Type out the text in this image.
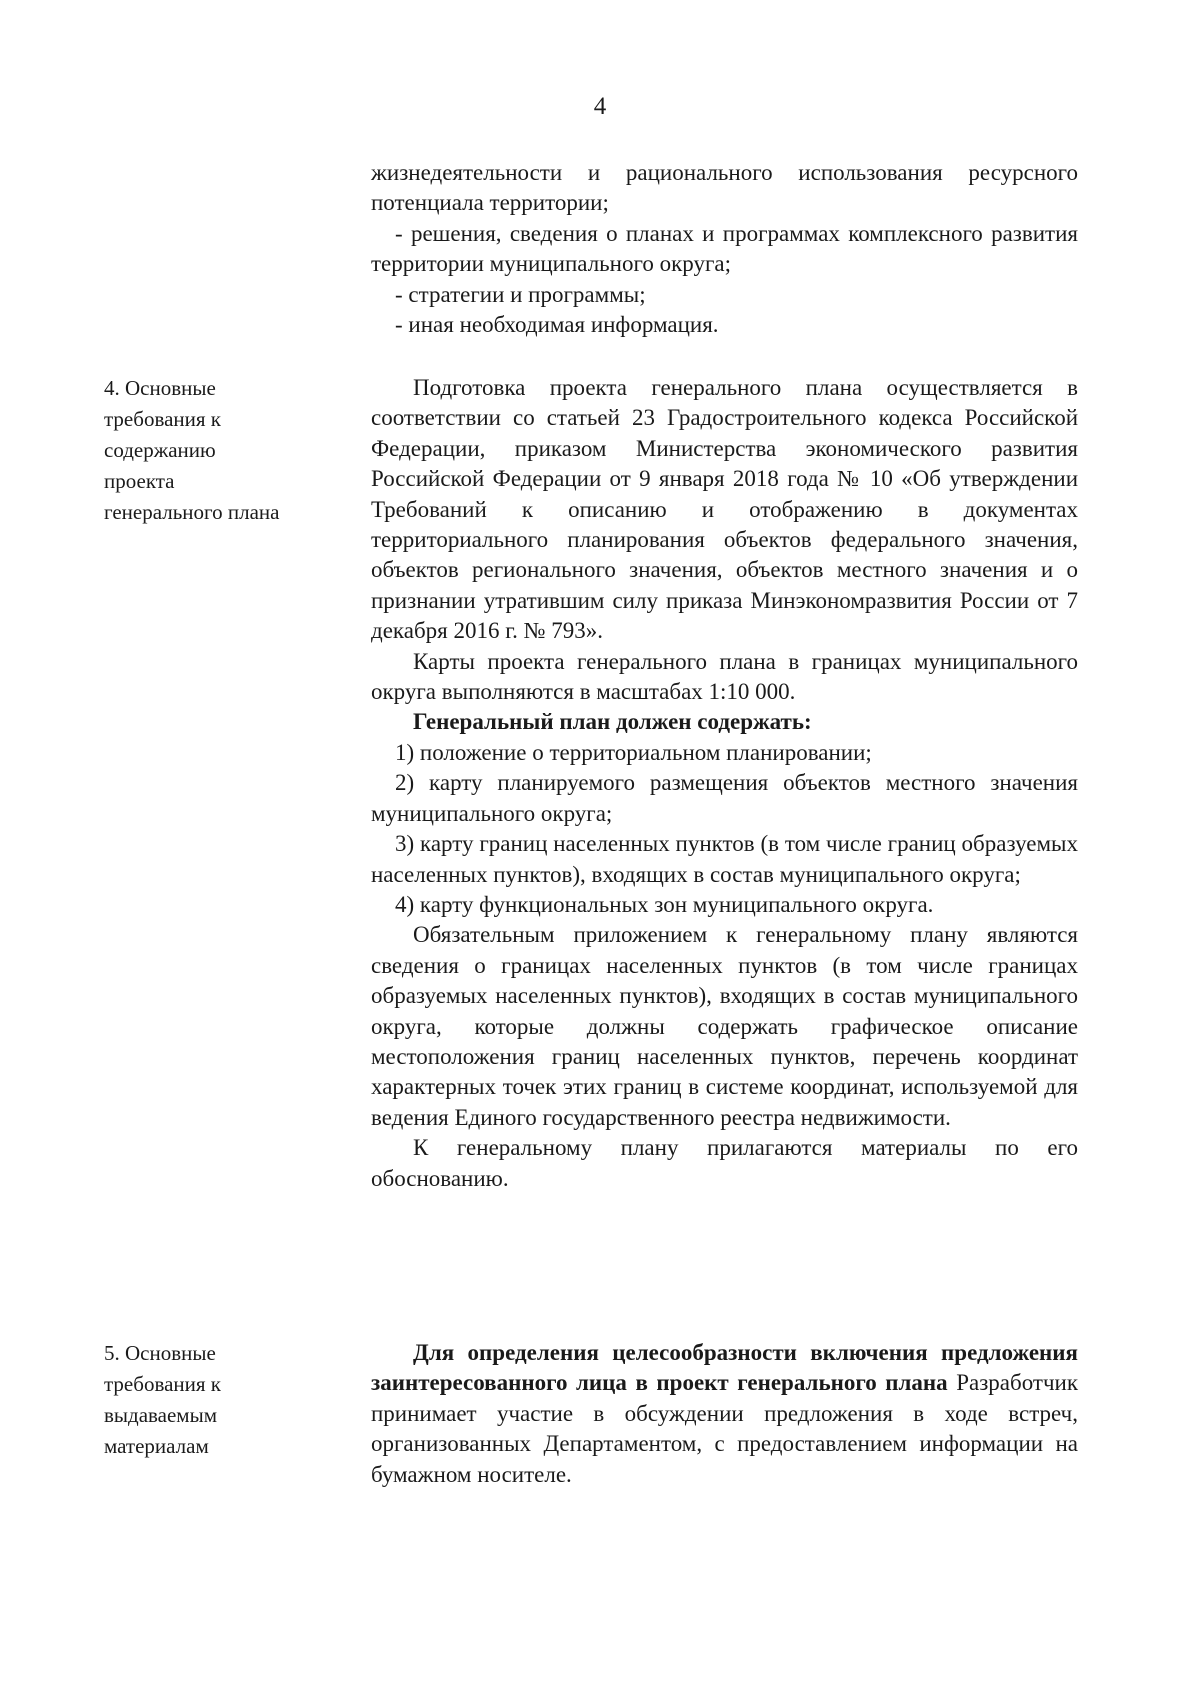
4

жизнедеятельности и рационального использования ресурсного потенциала территории;

- решения, сведения о планах и программах комплексного развития территории муниципального округа;

- стратегии и программы;

- иная необходимая информация.

4. Основные
требования к
содержанию
проекта
генерального плана

Подготовка проекта генерального плана осуществляется в соответствии со статьей 23 Градостроительного кодекса Российской Федерации, приказом Министерства экономического развития Российской Федерации от 9 января 2018 года № 10 «Об утверждении Требований к описанию и отображению в документах территориального планирования объектов федерального значения, объектов регионального значения, объектов местного значения и о признании утратившим силу приказа Минэкономразвития России от 7 декабря 2016 г. № 793».

Карты проекта генерального плана в границах муниципального округа выполняются в масштабах 1:10 000.

Генеральный план должен содержать:

1) положение о территориальном планировании;

2) карту планируемого размещения объектов местного значения муниципального округа;

3) карту границ населенных пунктов (в том числе границ образуемых населенных пунктов), входящих в состав муниципального округа;

4) карту функциональных зон муниципального округа.

Обязательным приложением к генеральному плану являются сведения о границах населенных пунктов (в том числе границах образуемых населенных пунктов), входящих в состав муниципального округа, которые должны содержать графическое описание местоположения границ населенных пунктов, перечень координат характерных точек этих границ в системе координат, используемой для ведения Единого государственного реестра недвижимости.

К генеральному плану прилагаются материалы по его обоснованию.

5. Основные
требования к
выдаваемым
материалам

Для определения целесообразности включения предложения заинтересованного лица в проект генерального плана Разработчик принимает участие в обсуждении предложения в ходе встреч, организованных Департаментом, с предоставлением информации на бумажном носителе.
